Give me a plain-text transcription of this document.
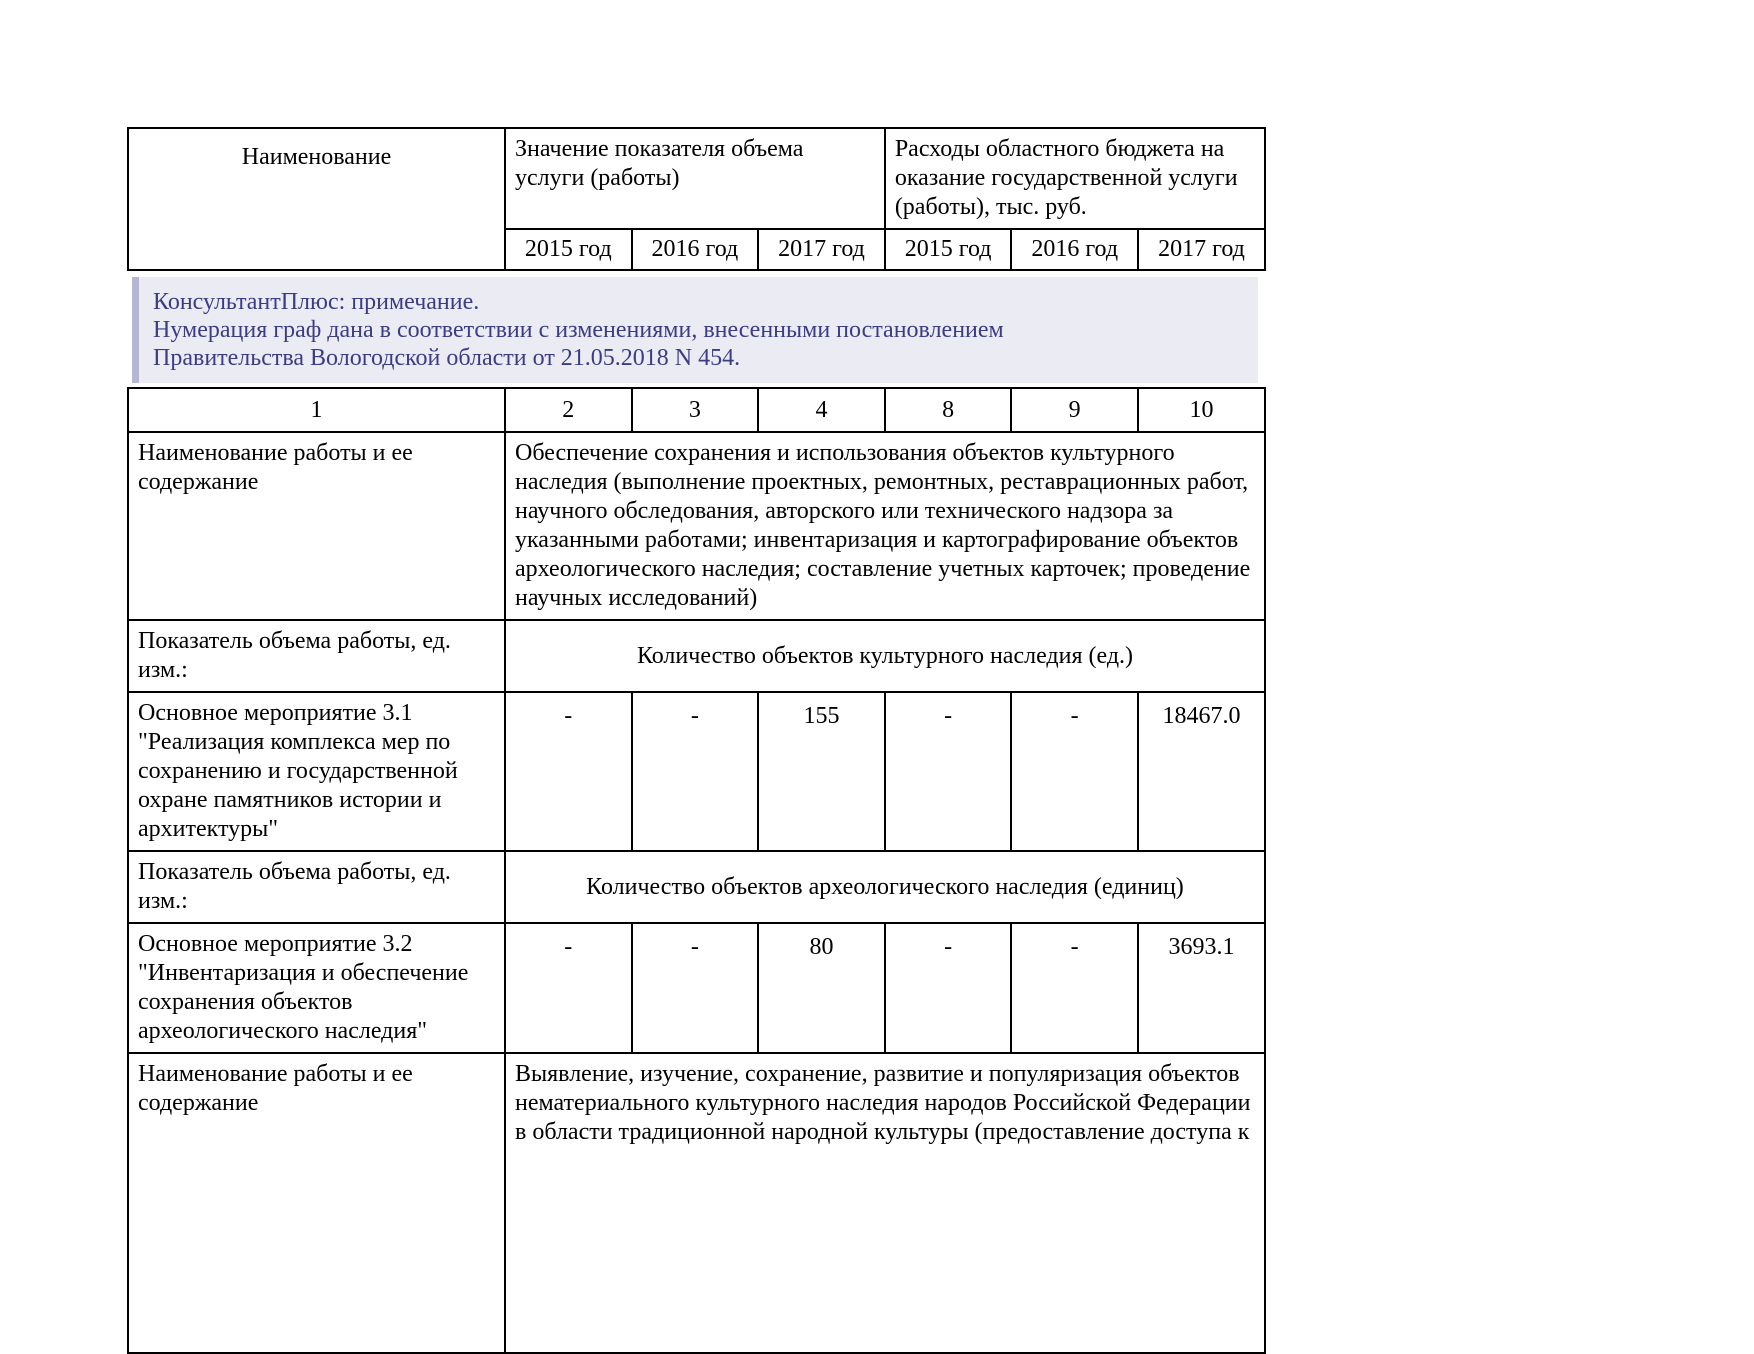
Наименование	Значение показателя объема услуги (работы)			Расходы областного бюджета на оказание государственной услуги (работы), тыс. руб.		
	2015 год	2016 год	2017 год	2015 год	2016 год	2017 год
КонсультантПлюс: примечание.
Нумерация граф дана в соответствии с изменениями, внесенными постановлением
Правительства Вологодской области от 21.05.2018 N 454.
1	2	3	4	8	9	10
Наименование работы и ее содержание	Обеспечение сохранения и использования объектов культурного наследия (выполнение проектных, ремонтных, реставрационных работ, научного обследования, авторского или технического надзора за указанными работами; инвентаризация и картографирование объектов археологического наследия; составление учетных карточек; проведение научных исследований)					
Показатель объема работы, ед. изм.:	Количество объектов культурного наследия (ед.)					
Основное мероприятие 3.1 "Реализация комплекса мер по сохранению и государственной охране памятников истории и архитектуры"	-	-	155	-	-	18467.0
Показатель объема работы, ед. изм.:	Количество объектов археологического наследия (единиц)					
Основное мероприятие 3.2 "Инвентаризация и обеспечение сохранения объектов археологического наследия"	-	-	80	-	-	3693.1
Наименование работы и ее содержание	Выявление, изучение, сохранение, развитие и популяризация объектов нематериального культурного наследия народов Российской Федерации в области традиционной народной культуры (предоставление доступа к					
